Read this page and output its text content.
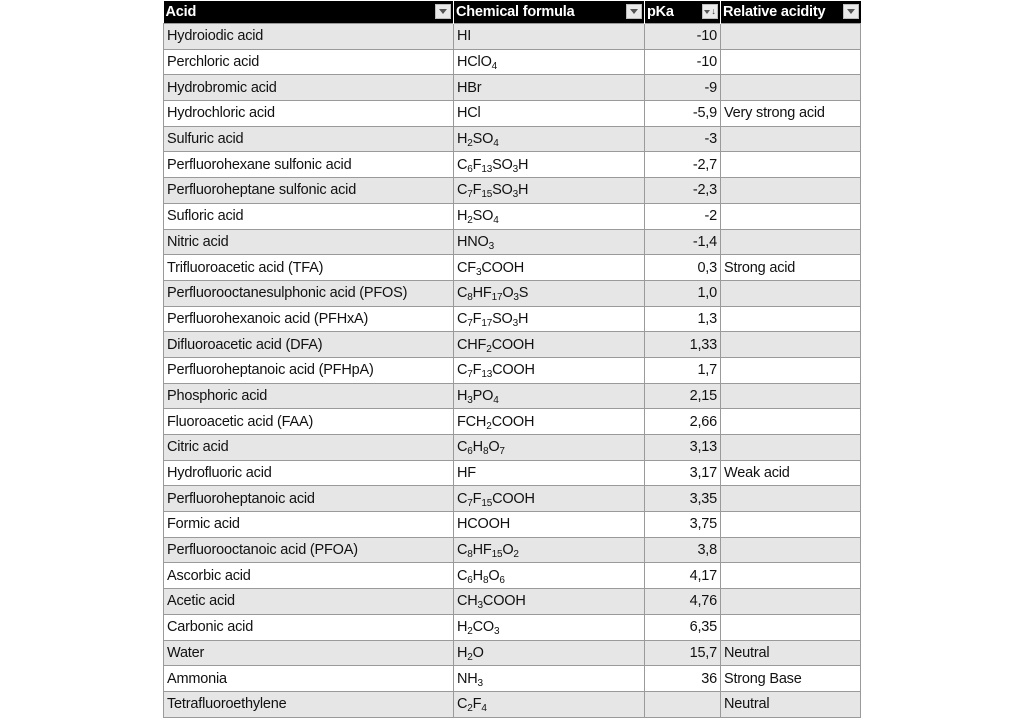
Acid	Chemical formula	pKa ↓	Relative acidity

Hydroiodic acid	HI	-10	
Perchloric acid	HClO$_4$	-10	
Hydrobromic acid	HBr	-9	
Hydrochloric acid	HCl	-5,9	Very strong acid
Sulfuric acid	$H_2SO_4$	-3	
Perfluorohexane sulfonic acid	$C_6F_{13}SO_3H$	-2,7	
Perfluoroheptane sulfonic acid	$C_7F_{15}SO_3H$	-2,3	
Sufloric acid	$H_2SO_4$	-2	
Nitric acid	$HNO_3$	-1,4	
Trifluoroacetic acid (TFA)	$CF_3COOH$	0,3	Strong acid
Perfluorooctanesulphonic acid (PFOS)	$C_8HF_{17}O_3S$	1,0	
Perfluorohexanoic acid (PFHxA)	$C_7F_{17}SO_3H$	1,3	
Difluoroacetic acid (DFA)	$CHF_2COOH$	1,33	
Perfluoroheptanoic acid (PFHpA)	$C_7F_{13}COOH$	1,7	
Phosphoric acid	$H_3PO_4$	2,15	
Fluoroacetic acid (FAA)	$FCH_2COOH$	2,66	
Citric acid	$C_6H_8O_7$	3,13	
Hydrofluoric acid	HF	3,17	Weak acid
Perfluoroheptanoic acid	$C_7F_{15}COOH$	3,35	
Formic acid	HCOOH	3,75	
Perfluorooctanoic acid (PFOA)	$C_8HF_{15}O_2$	3,8	
Ascorbic acid	$C_6H_8O_6$	4,17	
Acetic acid	$CH_3COOH$	4,76	
Carbonic acid	$H_2CO_3$	6,35	
Water	$H_2O$	15,7	Neutral
Ammonia	$NH_3$	36	Strong Base
Tetrafluoroethylene	$C_2F_4$		Neutral
